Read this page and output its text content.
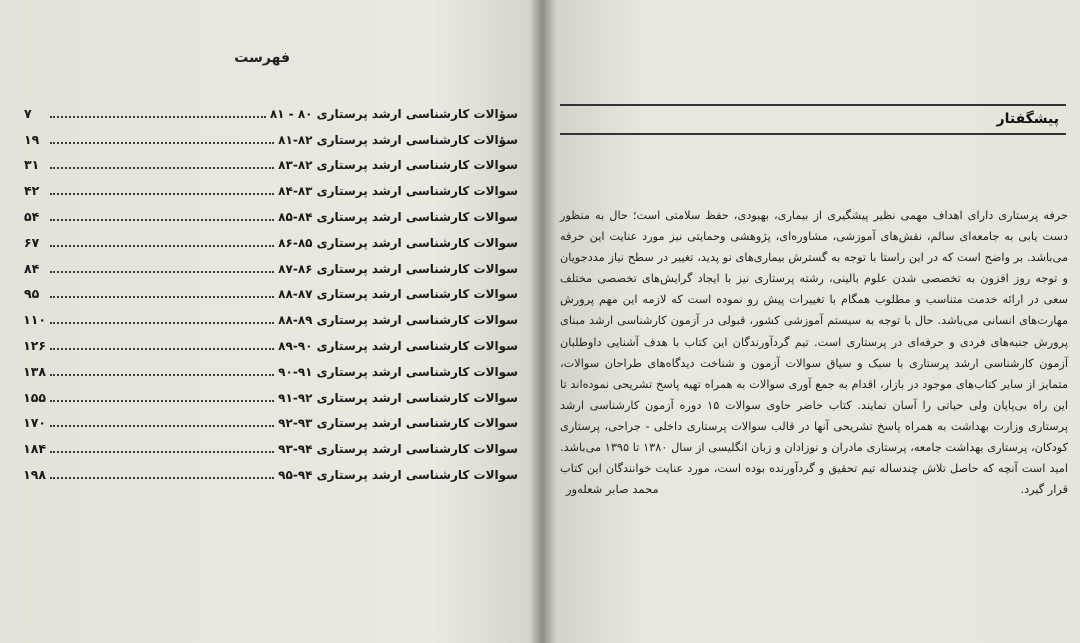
فهرست
۷	سؤالات کارشناسی ارشد پرستاری ۸۰ - ۸۱
۱۹	سؤالات کارشناسی ارشد پرستاری ۸۲-۸۱
۳۱	سوالات کارشناسی ارشد پرستاری ۸۲-۸۳
۴۲	سوالات کارشناسی ارشد پرستاری ۸۳-۸۴
۵۴	سوالات کارشناسی ارشد پرستاری ۸۴-۸۵
۶۷	سوالات کارشناسی ارشد پرستاری ۸۵-۸۶
۸۴	سوالات کارشناسی ارشد پرستاری ۸۶-۸۷
۹۵	سوالات کارشناسی ارشد پرستاری ۸۷-۸۸
۱۱۰	سوالات کارشناسی ارشد پرستاری ۸۹-۸۸
۱۲۶	سوالات کارشناسی ارشد پرستاری ۹۰-۸۹
۱۳۸	سوالات کارشناسی ارشد پرستاری ۹۱-۹۰
۱۵۵	سوالات کارشناسی ارشد پرستاری ۹۲-۹۱
۱۷۰	سوالات کارشناسی ارشد پرستاری ۹۳-۹۲
۱۸۴	سوالات کارشناسی ارشد پرستاری ۹۴-۹۳
۱۹۸	سوالات کارشناسی ارشد پرستاری ۹۴-۹۵
پیشگفتار
حرفه پرستاری دارای اهداف مهمی نظیر پیشگیری از بیماری، بهبودی، حفظ سلامتی است؛ حال به منظور دست یابی به جامعه‌ای سالم، نقش‌های آموزشی، مشاوره‌ای، پژوهشی وحمایتی نیز مورد عنایت این حرفه می‌باشد. بر واضح است که در این راستا با توجه به گسترش بیماری‌های نو پدید، تغییر در سطح نیاز مددجویان و توجه روز افزون به تخصصی شدن علوم بالینی، رشته پرستاری نیز با ایجاد گرایش‌های تخصصی مختلف سعی در ارائه خدمت متناسب و مطلوب همگام با تغییرات پیش رو نموده است که لازمه این مهم پرورش مهارت‌های انسانی می‌باشد. حال با توجه به سیستم آموزشی کشور، قبولی در آزمون کارشناسی ارشد مبنای پرورش جنبه‌های فردی و حرفه‌ای در پرستاری است. تیم گردآورندگان این کتاب با هدف آشنایی داوطلبان آزمون کارشناسی ارشد پرستاری با سبک و سیاق سوالات آزمون و شناخت دیدگاه‌های طراحان سوالات، متمایز از سایر کتاب‌های موجود در بازار، اقدام به جمع آوری سوالات به همراه تهیه پاسخ تشریحی نموده‌اند تا این راه بی‌پایان ولی حیاتی را آسان نمایند. کتاب حاضر حاوی سوالات ۱۵ دوره آزمون کارشناسی ارشد پرستاری وزارت بهداشت به همراه پاسخ تشریحی آنها در قالب سوالات پرستاری داخلی - جراحی، پرستاری کودکان، پرستاری بهداشت جامعه، پرستاری مادران و نوزادان و زبان انگلیسی از سال ۱۳۸۰ تا ۱۳۹۵ می‌باشد. امید است آنچه که حاصل تلاش چندساله تیم تحقیق و گردآورنده بوده است، مورد عنایت خوانندگان این کتاب قرار گیرد.
محمد صابر شعله‌ور
